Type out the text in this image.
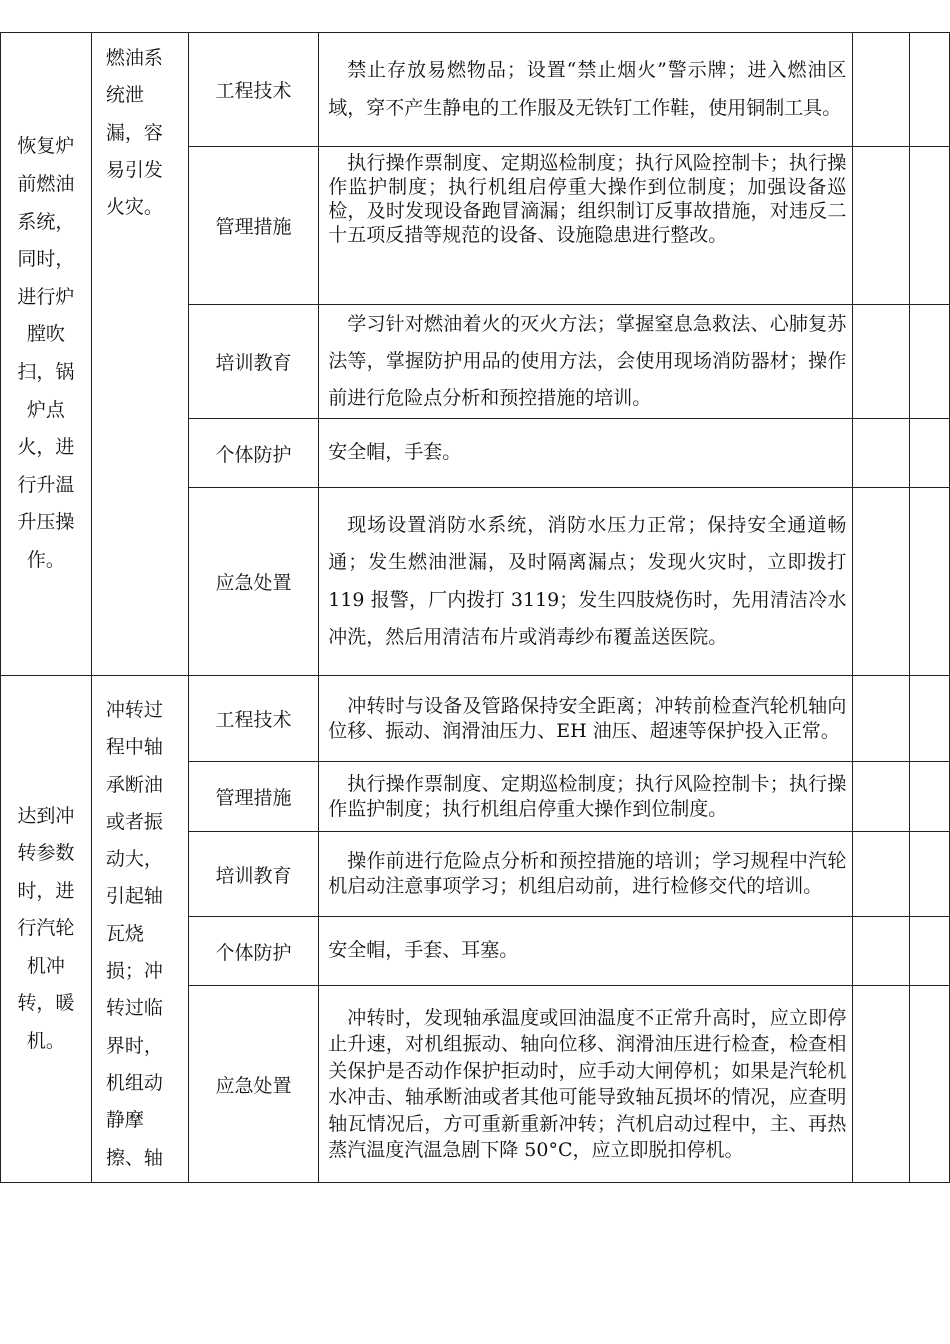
恢复炉前燃油系统，同时，进行炉膛吹扫，锅炉点火，进行升温升压操作。	燃油系统泄漏，容易引发火灾。	工程技术	禁止存放易燃物品；设置“禁止烟火”警示牌；进入燃油区域，穿不产生静电的工作服及无铁钉工作鞋，使用铜制工具。		
		管理措施	执行操作票制度、定期巡检制度；执行风险控制卡；执行操作监护制度；执行机组启停重大操作到位制度；加强设备巡检，及时发现设备跑冒滴漏；组织制订反事故措施，对违反二十五项反措等规范的设备、设施隐患进行整改。		
		培训教育	学习针对燃油着火的灭火方法；掌握窒息急救法、心肺复苏法等，掌握防护用品的使用方法，会使用现场消防器材；操作前进行危险点分析和预控措施的培训。		
		个体防护	安全帽，手套。		
		应急处置	现场设置消防水系统，消防水压力正常；保持安全通道畅通；发生燃油泄漏，及时隔离漏点；发现火灾时，立即拨打 119 报警，厂内拨打 3119；发生四肢烧伤时，先用清洁冷水冲洗，然后用清洁布片或消毒纱布覆盖送医院。		
达到冲转参数时，进行汽轮机冲转，暖机。	冲转过程中轴承断油或者振动大，引起轴瓦烧损；冲转过临界时，机组动静摩擦、轴	工程技术	冲转时与设备及管路保持安全距离；冲转前检查汽轮机轴向位移、振动、润滑油压力、EH 油压、超速等保护投入正常。		
		管理措施	执行操作票制度、定期巡检制度；执行风险控制卡；执行操作监护制度；执行机组启停重大操作到位制度。		
		培训教育	操作前进行危险点分析和预控措施的培训；学习规程中汽轮机启动注意事项学习；机组启动前，进行检修交代的培训。		
		个体防护	安全帽，手套、耳塞。		
		应急处置	冲转时，发现轴承温度或回油温度不正常升高时，应立即停止升速，对机组振动、轴向位移、润滑油压进行检查，检查相关保护是否动作保护拒动时，应手动大闸停机；如果是汽轮机水冲击、轴承断油或者其他可能导致轴瓦损坏的情况，应查明轴瓦情况后，方可重新重新冲转；汽机启动过程中，主、再热蒸汽温度汽温急剧下降 50°C，应立即脱扣停机。		
